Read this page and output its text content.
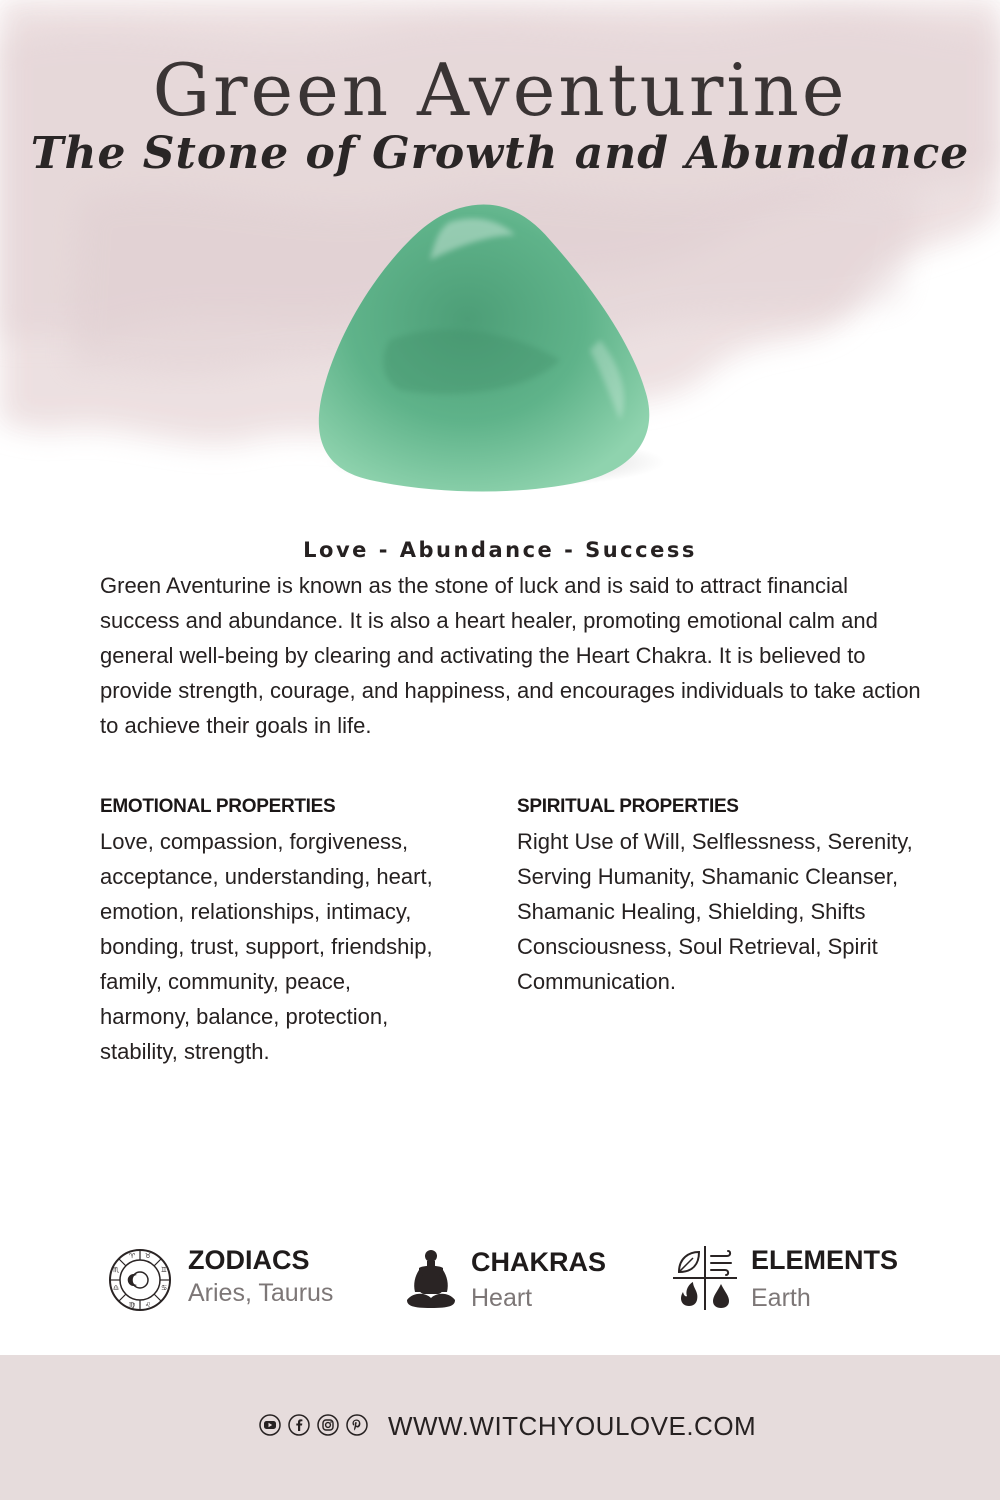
Green Aventurine
The Stone of Growth and Abundance
Love - Abundance - Success

Green Aventurine is known as the stone of luck and is said to attract financial success and abundance. It is also a heart healer, promoting emotional calm and general well-being by clearing and activating the Heart Chakra. It is believed to provide strength, courage, and happiness, and encourages individuals to take action to achieve their goals in life.

EMOTIONAL PROPERTIES

Love, compassion, forgiveness, acceptance, understanding, heart, emotion, relationships, intimacy, bonding, trust, support, friendship, family, community, peace, harmony, balance, protection, stability, strength.

SPIRITUAL PROPERTIES

Right Use of Will, Selflessness, Serenity, Serving Humanity, Shamanic Cleanser, Shamanic Healing, Shielding, Shifts Consciousness, Soul Retrieval, Spirit Communication.

♈ ♉
♊
♋
♌
♍
♎
♏	ZODIACS
Aries, Taurus
CHAKRAS
Heart
ELEMENTS
Earth
WWW.WITCHYOULOVE.COM
